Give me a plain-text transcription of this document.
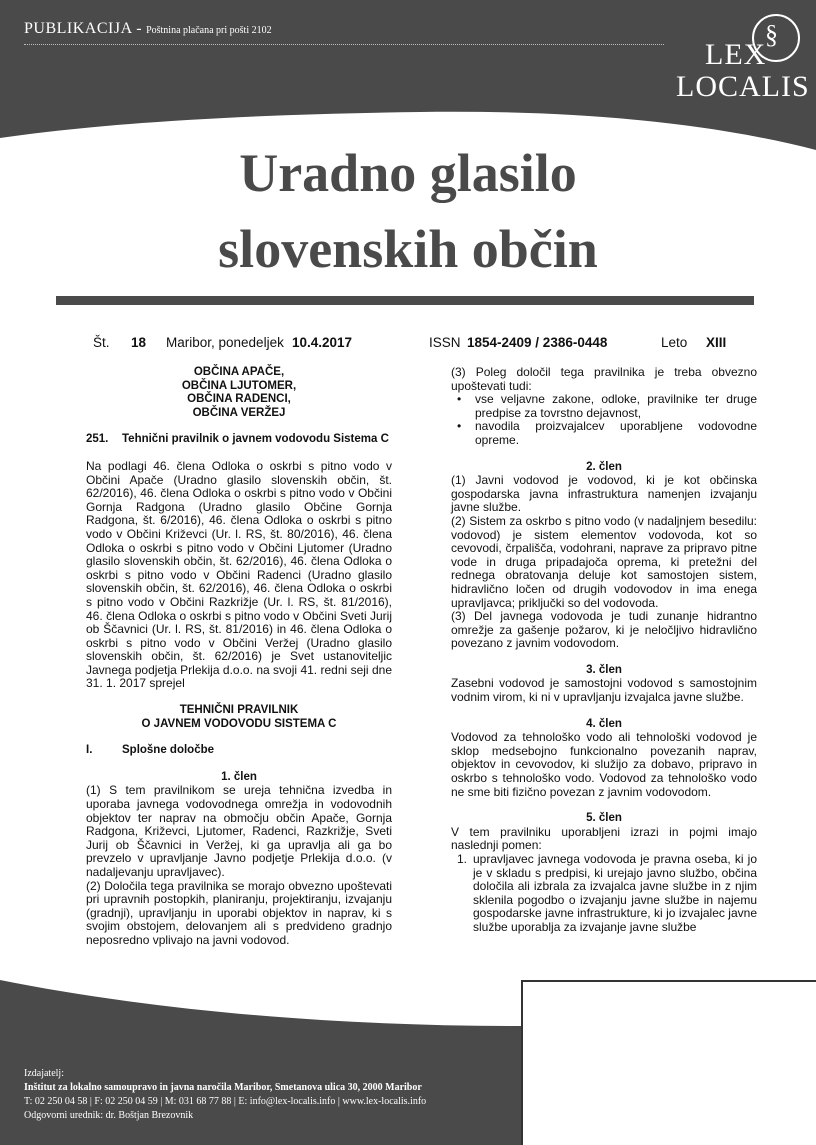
PUBLIKACIJA - Poštnina plačana pri pošti 2102	§
LEX
LOCALIS
Uradno glasilo
slovenskih občin
Št. 18 Maribor, ponedeljek 10.4.2017	ISSN 1854-2409 / 2386-0448	Leto XIII
OBČINA APAČE,
OBČINA LJUTOMER,
OBČINA RADENCI,
OBČINA VERŽEJ
251.	Tehnični pravilnik o javnem vodovodu Sistema C

Na podlagi 46. člena Odloka o oskrbi s pitno vodo v Občini Apače (Uradno glasilo slovenskih občin, št. 62/2016), 46. člena Odloka o oskrbi s pitno vodo v Občini Gornja Radgona (Uradno glasilo Občine Gornja Radgona, št. 6/2016), 46. člena Odloka o oskrbi s pitno vodo v Občini Križevci (Ur. l. RS, št. 80/2016), 46. člena Odloka o oskrbi s pitno vodo v Občini Ljutomer (Uradno glasilo slovenskih občin, št. 62/2016), 46. člena Odloka o oskrbi s pitno vodo v Občini Radenci (Uradno glasilo slovenskih občin, št. 62/2016), 46. člena Odloka o oskrbi s pitno vodo v Občini Razkrižje (Ur. l. RS, št. 81/2016), 46. člena Odloka o oskrbi s pitno vodo v Občini Sveti Jurij ob Ščavnici (Ur. l. RS, št. 81/2016) in 46. člena Odloka o oskrbi s pitno vodo v Občini Veržej (Uradno glasilo slovenskih občin, št. 62/2016) je Svet ustanoviteljic Javnega podjetja Prlekija d.o.o. na svoji 41. redni seji dne 31. 1. 2017 sprejel

TEHNIČNI PRAVILNIK
O JAVNEM VODOVODU SISTEMA C
I.	Splošne določbe
1. člen

(1) S tem pravilnikom se ureja tehnična izvedba in uporaba javnega vodovodnega omrežja in vodovodnih objektov ter naprav na območju občin Apače, Gornja Radgona, Križevci, Ljutomer, Radenci, Razkrižje, Sveti Jurij ob Ščavnici in Veržej, ki ga upravlja ali ga bo prevzelo v upravljanje Javno podjetje Prlekija d.o.o. (v nadaljevanju upravljavec).

(2) Določila tega pravilnika se morajo obvezno upoštevati pri upravnih postopkih, planiranju, projektiranju, izvajanju (gradnji), upravljanju in uporabi objektov in naprav, ki s svojim obstojem, delovanjem ali s predvideno gradnjo neposredno vplivajo na javni vodovod.

(3) Poleg določil tega pravilnika je treba obvezno upoštevati tudi:

•	vse veljavne zakone, odloke, pravilnike ter druge predpise za tovrstno dejavnost,
•	navodila proizvajalcev uporabljene vodovodne opreme.
2. člen

(1) Javni vodovod je vodovod, ki je kot občinska gospodarska javna infrastruktura namenjen izvajanju javne službe.

(2) Sistem za oskrbo s pitno vodo (v nadaljnjem besedilu: vodovod) je sistem elementov vodovoda, kot so cevovodi, črpališča, vodohrani, naprave za pripravo pitne vode in druga pripadajoča oprema, ki pretežni del rednega obratovanja deluje kot samostojen sistem, hidravlično ločen od drugih vodovodov in ima enega upravljavca; priključki so del vodovoda.

(3) Del javnega vodovoda je tudi zunanje hidrantno omrežje za gašenje požarov, ki je neločljivo hidravlično povezano z javnim vodovodom.

3. člen

Zasebni vodovod je samostojni vodovod s samostojnim vodnim virom, ki ni v upravljanju izvajalca javne službe.

4. člen

Vodovod za tehnološko vodo ali tehnološki vodovod je sklop medsebojno funkcionalno povezanih naprav, objektov in cevovodov, ki služijo za dobavo, pripravo in oskrbo s tehnološko vodo. Vodovod za tehnološko vodo ne sme biti fizično povezan z javnim vodovodom.

5. člen

V tem pravilniku uporabljeni izrazi in pojmi imajo naslednji pomen:

1. upravljavec javnega vodovoda je pravna oseba, ki jo je v skladu s predpisi, ki urejajo javno službo, občina določila ali izbrala za izvajalca javne službe in z njim sklenila pogodbo o izvajanju javne službe in najemu gospodarske javne infrastrukture, ki jo izvajalec javne službe uporablja za izvajanje javne službe
Izdajatelj:
Inštitut za lokalno samoupravo in javna naročila Maribor, Smetanova ulica 30, 2000 Maribor
T: 02 250 04 58 | F: 02 250 04 59 | M: 031 68 77 88 | E: info@lex-localis.info | www.lex-localis.info
Odgovorni urednik: dr. Boštjan Brezovnik
